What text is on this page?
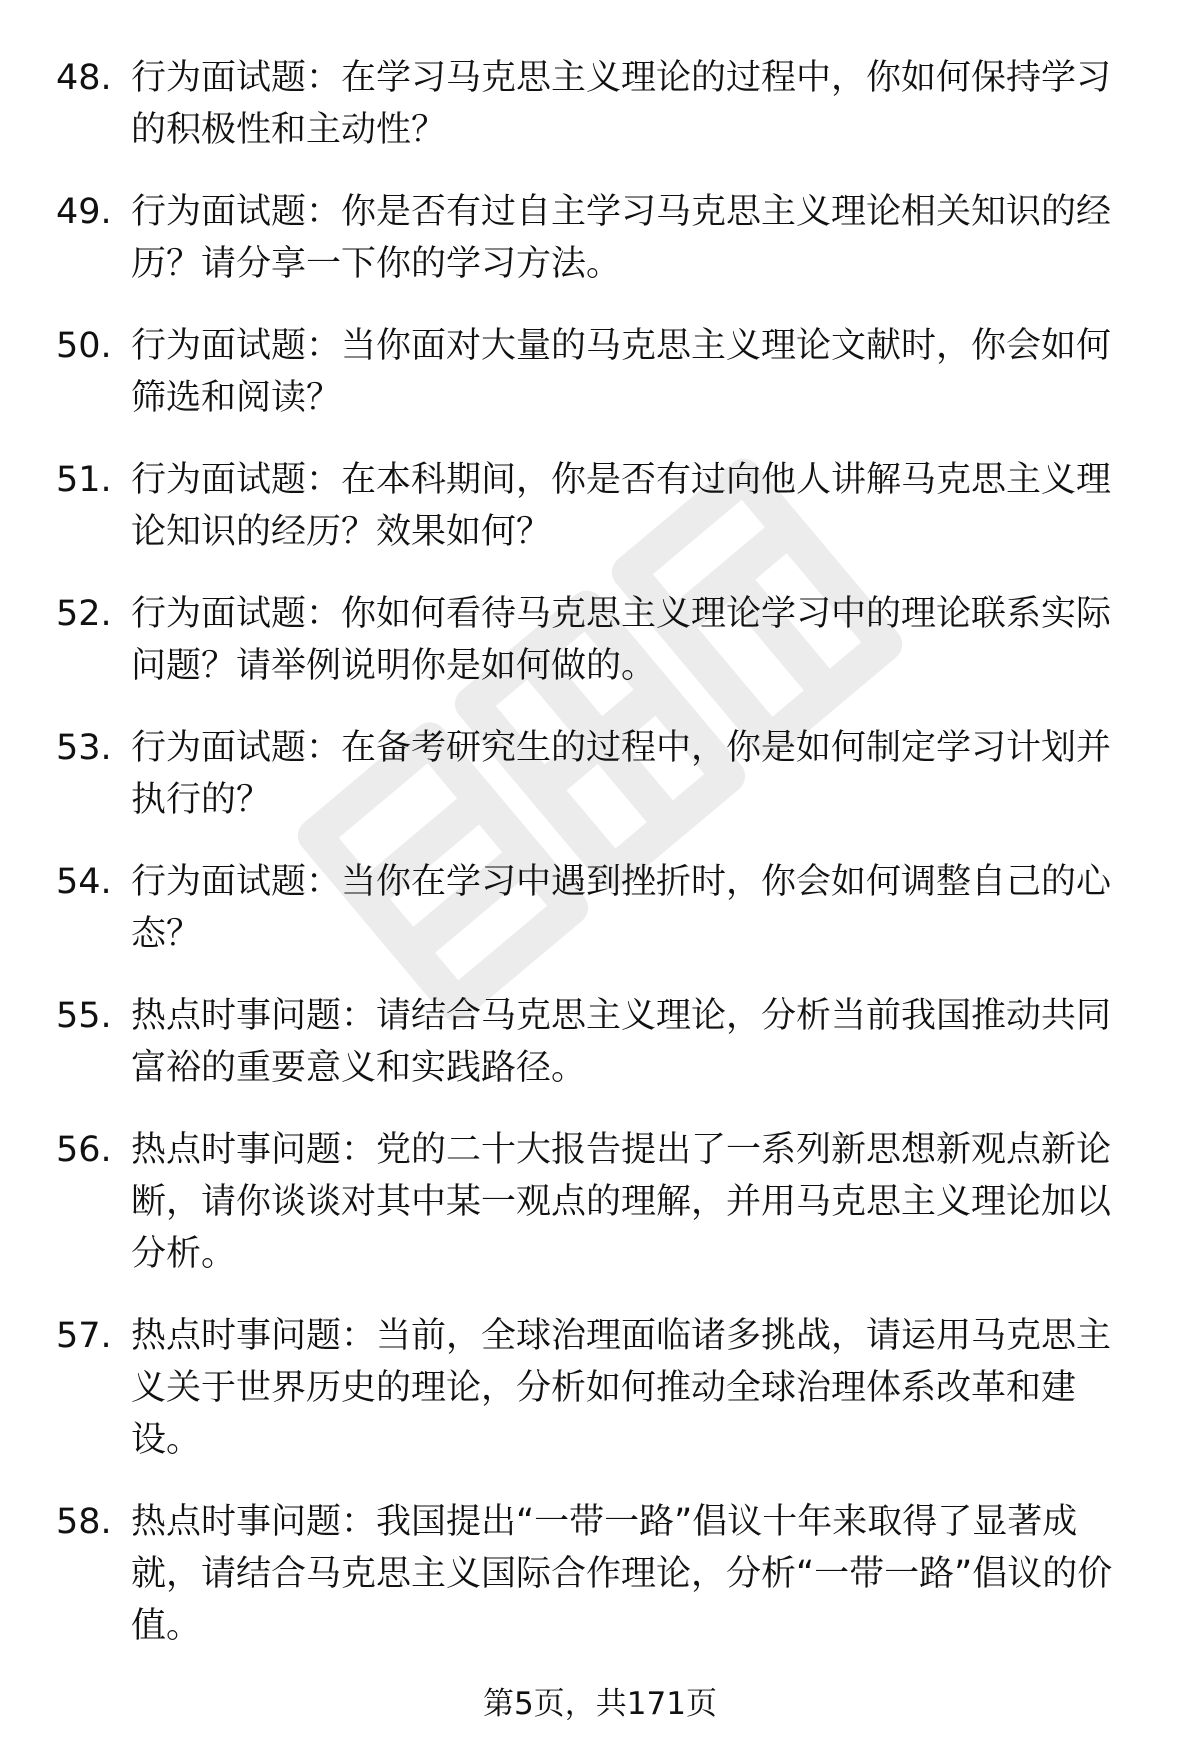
48. 行为面试题：在学习马克思主义理论的过程中，你如何保持学习的积极性和主动性？
49. 行为面试题：你是否有过自主学习马克思主义理论相关知识的经历？请分享一下你的学习方法。
50. 行为面试题：当你面对大量的马克思主义理论文献时，你会如何筛选和阅读？
51. 行为面试题：在本科期间，你是否有过向他人讲解马克思主义理论知识的经历？效果如何？
52. 行为面试题：你如何看待马克思主义理论学习中的理论联系实际问题？请举例说明你是如何做的。
53. 行为面试题：在备考研究生的过程中，你是如何制定学习计划并执行的？
54. 行为面试题：当你在学习中遇到挫折时，你会如何调整自己的心态？
55. 热点时事问题：请结合马克思主义理论，分析当前我国推动共同富裕的重要意义和实践路径。
56. 热点时事问题：党的二十大报告提出了一系列新思想新观点新论断，请你谈谈对其中某一观点的理解，并用马克思主义理论加以分析。
57. 热点时事问题：当前，全球治理面临诸多挑战，请运用马克思主义关于世界历史的理论，分析如何推动全球治理体系改革和建设。
58. 热点时事问题：我国提出“一带一路”倡议十年来取得了显著成就，请结合马克思主义国际合作理论，分析“一带一路”倡议的价值。
第5页，共171页
